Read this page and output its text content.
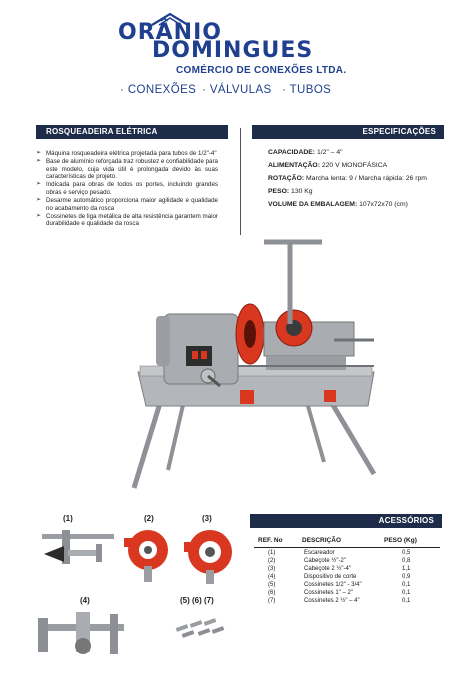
ORÂNIO
DOMINGUES
COMÉRCIO DE CONEXÕES LTDA.
· CONEXÕES · VÁLVULAS · TUBOS
ROSQUEADEIRA ELÉTRICA
➢ Máquina rosqueadeira elétrica projetada para tubos de 1/2"-4"
➢ Base de alumínio reforçada traz robustez e confiabilidade para este modelo, cuja vida útil é prolongada devido às suas características de projeto.
➢ Indicada para obras de todos os portes, incluindo grandes obras e serviço pesado.
➢ Desarme automático proporciona maior agilidade e qualidade no acabamento da rosca
➢ Cossinetes de liga metálica de alta resistência garantem maior durabilidade e qualidade da rosca
ESPECIFICAÇÕES
CAPACIDADE: 1/2" – 4"
ALIMENTAÇÃO: 220 V MONOFÁSICA
ROTAÇÃO: Marcha lenta: 9 / Marcha rápida: 26 rpm
PESO: 130 Kg
VOLUME DA EMBALAGEM: 107x72x70 (cm)
ACESSÓRIOS
REF. No	DESCRIÇÃO	PESO (Kg)
(1)	Escareador	0,5
(2)	Cabeçote ½"-2"	0,8
(3)	Cabeçote 2 ½"-4"	1,1
(4)	Dispositivo de corte	0,9
(5)	Cossinetes 1/2" - 3/4"	0,1
(6)	Cossinetes 1" – 2"	0,1
(7)	Cossinetes 2 ½" – 4"	0,1
(1)	(2)	(3)
(4)	(5) (6) (7)
